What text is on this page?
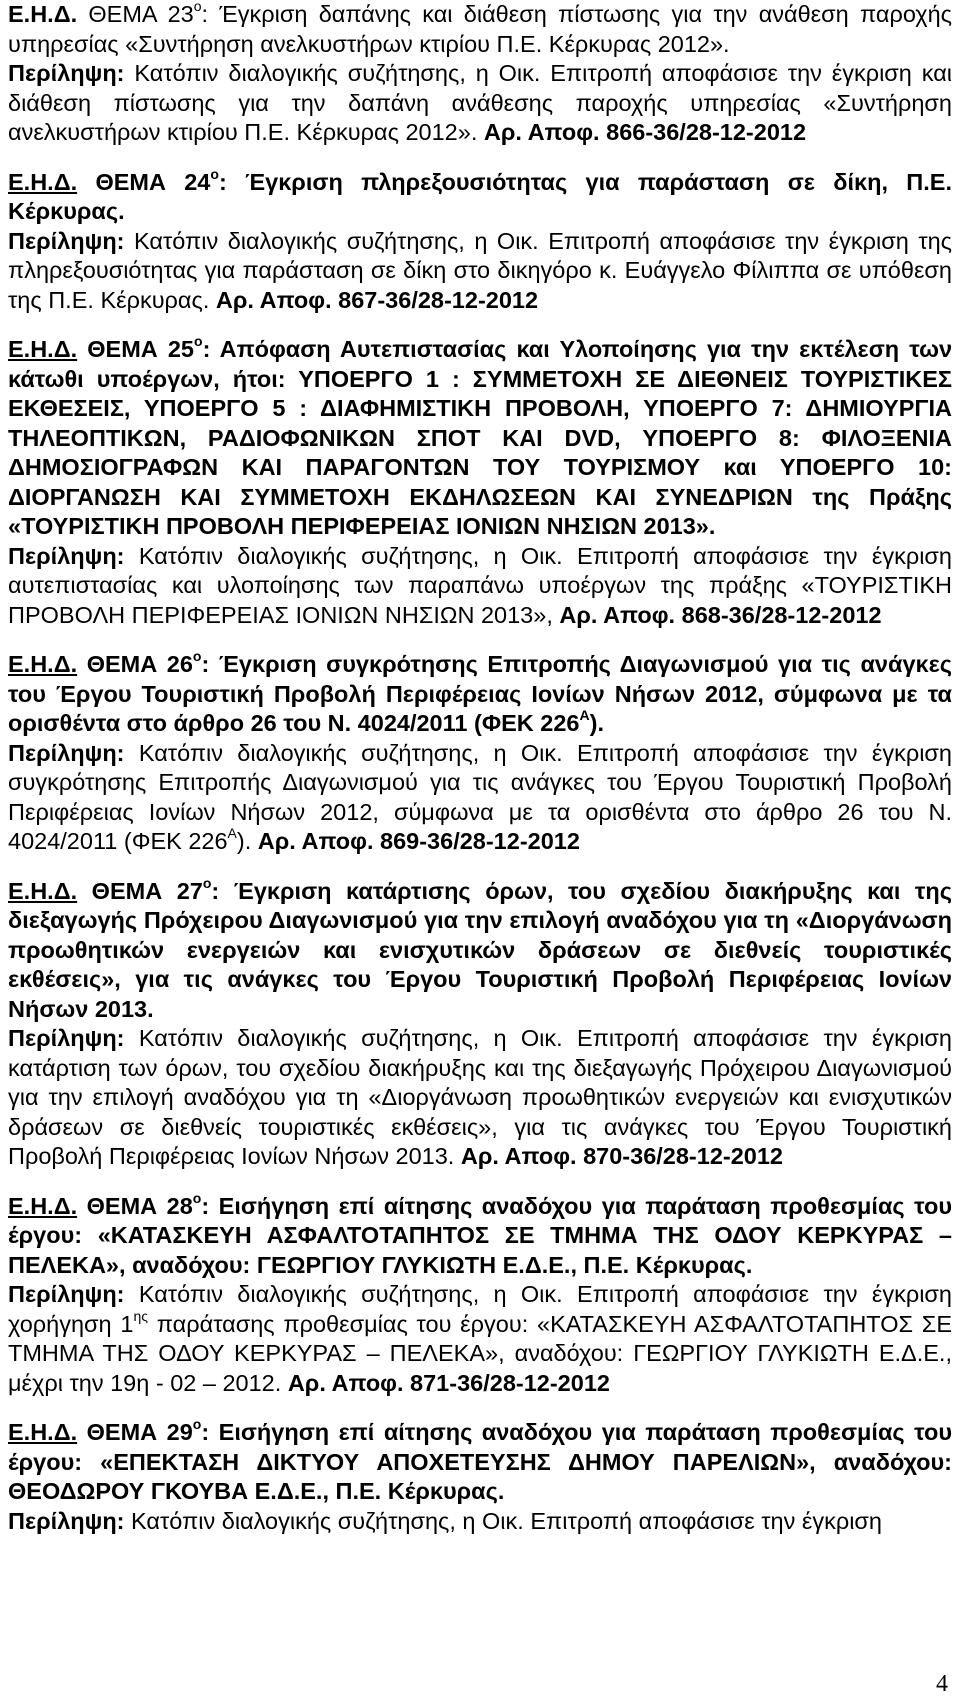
Ε.Η.Δ. ΘΕΜΑ $23^o$: Έγκριση δαπάνης και διάθεση πίστωσης για την ανάθεση παροχής υπηρεσίας «Συντήρηση ανελκυστήρων κτιρίου Π.Ε. Κέρκυρας 2012».
Περίληψη: Κατόπιν διαλογικής συζήτησης, η Οικ. Επιτροπή αποφάσισε την έγκριση και διάθεση πίστωσης για την δαπάνη ανάθεσης παροχής υπηρεσίας «Συντήρηση ανελκυστήρων κτιρίου Π.Ε. Κέρκυρας 2012». Αρ. Αποφ. 866-36/28-12-2012
Ε.Η.Δ. ΘΕΜΑ $24^o$: Έγκριση πληρεξουσιότητας για παράσταση σε δίκη, Π.Ε. Κέρκυρας.
Περίληψη: Κατόπιν διαλογικής συζήτησης, η Οικ. Επιτροπή αποφάσισε την έγκριση της πληρεξουσιότητας για παράσταση σε δίκη στο δικηγόρο κ. Ευάγγελο Φίλιππα σε υπόθεση της Π.Ε. Κέρκυρας. Αρ. Αποφ. 867-36/28-12-2012
Ε.Η.Δ. ΘΕΜΑ $25^o$: Απόφαση Αυτεπιστασίας και Υλοποίησης για την εκτέλεση των κάτωθι υποέργων, ήτοι: ΥΠΟΕΡΓΟ 1 : ΣΥΜΜΕΤΟΧΗ ΣΕ ΔΙΕΘΝΕΙΣ ΤΟΥΡΙΣΤΙΚΕΣ ΕΚΘΕΣΕΙΣ, ΥΠΟΕΡΓΟ 5 : ΔΙΑΦΗΜΙΣΤΙΚΗ ΠΡΟΒΟΛΗ, ΥΠΟΕΡΓΟ 7: ΔΗΜΙΟΥΡΓΙΑ ΤΗΛΕΟΠΤΙΚΩΝ, ΡΑΔΙΟΦΩΝΙΚΩΝ ΣΠΟΤ ΚΑΙ DVD, ΥΠΟΕΡΓΟ 8: ΦΙΛΟΞΕΝΙΑ ΔΗΜΟΣΙΟΓΡΑΦΩΝ ΚΑΙ ΠΑΡΑΓΟΝΤΩΝ ΤΟΥ ΤΟΥΡΙΣΜΟΥ και ΥΠΟΕΡΓΟ 10: ΔΙΟΡΓΑΝΩΣΗ ΚΑΙ ΣΥΜΜΕΤΟΧΗ ΕΚΔΗΛΩΣΕΩΝ ΚΑΙ ΣΥΝΕΔΡΙΩΝ της Πράξης «ΤΟΥΡΙΣΤΙΚΗ ΠΡΟΒΟΛΗ ΠΕΡΙΦΕΡΕΙΑΣ ΙΟΝΙΩΝ ΝΗΣΙΩΝ 2013».
Περίληψη: Κατόπιν διαλογικής συζήτησης, η Οικ. Επιτροπή αποφάσισε την έγκριση αυτεπιστασίας και υλοποίησης των παραπάνω υποέργων της πράξης «ΤΟΥΡΙΣΤΙΚΗ ΠΡΟΒΟΛΗ ΠΕΡΙΦΕΡΕΙΑΣ ΙΟΝΙΩΝ ΝΗΣΙΩΝ 2013», Αρ. Αποφ. 868-36/28-12-2012
Ε.Η.Δ. ΘΕΜΑ $26^o$: Έγκριση συγκρότησης Επιτροπής Διαγωνισμού για τις ανάγκες του Έργου Τουριστική Προβολή Περιφέρειας Ιονίων Νήσων 2012, σύμφωνα με τα ορισθέντα στο άρθρο 26 του Ν. 4024/2011 (ΦΕΚ $226^A$).
Περίληψη: Κατόπιν διαλογικής συζήτησης, η Οικ. Επιτροπή αποφάσισε την έγκριση συγκρότησης Επιτροπής Διαγωνισμού για τις ανάγκες του Έργου Τουριστική Προβολή Περιφέρειας Ιονίων Νήσων 2012, σύμφωνα με τα ορισθέντα στο άρθρο 26 του Ν. 4024/2011 (ΦΕΚ $226^A$). Αρ. Αποφ. 869-36/28-12-2012
Ε.Η.Δ. ΘΕΜΑ $27^o$: Έγκριση κατάρτισης όρων, του σχεδίου διακήρυξης και της διεξαγωγής Πρόχειρου Διαγωνισμού για την επιλογή αναδόχου για τη «Διοργάνωση προωθητικών ενεργειών και ενισχυτικών δράσεων σε διεθνείς τουριστικές εκθέσεις», για τις ανάγκες του Έργου Τουριστική Προβολή Περιφέρειας Ιονίων Νήσων 2013.
Περίληψη: Κατόπιν διαλογικής συζήτησης, η Οικ. Επιτροπή αποφάσισε την έγκριση κατάρτιση των όρων, του σχεδίου διακήρυξης και της διεξαγωγής Πρόχειρου Διαγωνισμού για την επιλογή αναδόχου για τη «Διοργάνωση προωθητικών ενεργειών και ενισχυτικών δράσεων σε διεθνείς τουριστικές εκθέσεις», για τις ανάγκες του Έργου Τουριστική Προβολή Περιφέρειας Ιονίων Νήσων 2013. Αρ. Αποφ. 870-36/28-12-2012
Ε.Η.Δ. ΘΕΜΑ $28^o$: Εισήγηση επί αίτησης αναδόχου για παράταση προθεσμίας του έργου: «ΚΑΤΑΣΚΕΥΗ ΑΣΦΑΛΤΟΤΑΠΗΤΟΣ ΣΕ ΤΜΗΜΑ ΤΗΣ ΟΔΟΥ ΚΕΡΚΥΡΑΣ – ΠΕΛΕΚΑ», αναδόχου: ΓΕΩΡΓΙΟΥ ΓΛΥΚΙΩΤΗ Ε.Δ.Ε., Π.Ε. Κέρκυρας.
Περίληψη: Κατόπιν διαλογικής συζήτησης, η Οικ. Επιτροπή αποφάσισε την έγκριση χορήγηση $1^{\eta\varsigma}$ παράτασης προθεσμίας του έργου: «ΚΑΤΑΣΚΕΥΗ ΑΣΦΑΛΤΟΤΑΠΗΤΟΣ ΣΕ ΤΜΗΜΑ ΤΗΣ ΟΔΟΥ ΚΕΡΚΥΡΑΣ – ΠΕΛΕΚΑ», αναδόχου: ΓΕΩΡΓΙΟΥ ΓΛΥΚΙΩΤΗ Ε.Δ.Ε., μέχρι την 19η - 02 – 2012. Αρ. Αποφ. 871-36/28-12-2012
Ε.Η.Δ. ΘΕΜΑ $29^o$: Εισήγηση επί αίτησης αναδόχου για παράταση προθεσμίας του έργου: «ΕΠΕΚΤΑΣΗ ΔΙΚΤΥΟΥ ΑΠΟΧΕΤΕΥΣΗΣ ΔΗΜΟΥ ΠΑΡΕΛΙΩΝ», αναδόχου: ΘΕΟΔΩΡΟΥ ΓΚΟΥΒΑ Ε.Δ.Ε., Π.Ε. Κέρκυρας.
Περίληψη: Κατόπιν διαλογικής συζήτησης, η Οικ. Επιτροπή αποφάσισε την έγκριση
4
